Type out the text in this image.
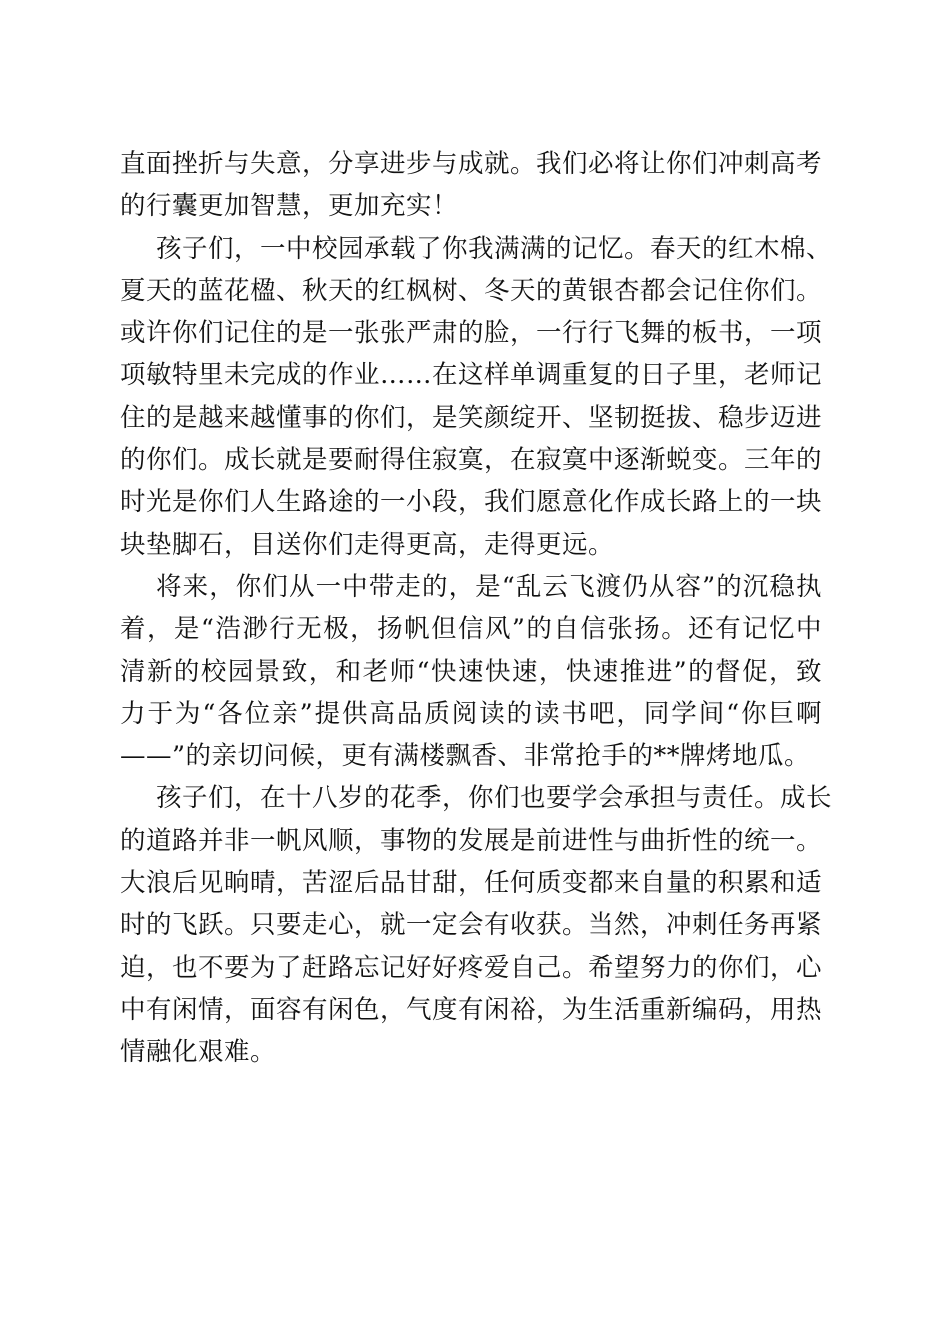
直面挫折与失意，分享进步与成就。我们必将让你们冲刺高考
的行囊更加智慧，更加充实！
孩子们，一中校园承载了你我满满的记忆。春天的红木棉、
夏天的蓝花楹、秋天的红枫树、冬天的黄银杏都会记住你们。
或许你们记住的是一张张严肃的脸，一行行飞舞的板书，一项
项敏特里未完成的作业……在这样单调重复的日子里，老师记
住的是越来越懂事的你们，是笑颜绽开、坚韧挺拔、稳步迈进
的你们。成长就是要耐得住寂寞，在寂寞中逐渐蜕变。三年的
时光是你们人生路途的一小段，我们愿意化作成长路上的一块
块垫脚石，目送你们走得更高，走得更远。
将来，你们从一中带走的，是“乱云飞渡仍从容”的沉稳执
着，是“浩渺行无极，扬帆但信风”的自信张扬。还有记忆中
清新的校园景致，和老师“快速快速，快速推进”的督促，致
力于为“各位亲”提供高品质阅读的读书吧，同学间“你巨啊
——”的亲切问候，更有满楼飘香、非常抢手的**牌烤地瓜。
孩子们，在十八岁的花季，你们也要学会承担与责任。成长
的道路并非一帆风顺，事物的发展是前进性与曲折性的统一。
大浪后见晌晴，苦涩后品甘甜，任何质变都来自量的积累和适
时的飞跃。只要走心，就一定会有收获。当然，冲刺任务再紧
迫，也不要为了赶路忘记好好疼爱自己。希望努力的你们，心
中有闲情，面容有闲色，气度有闲裕，为生活重新编码，用热
情融化艰难。
